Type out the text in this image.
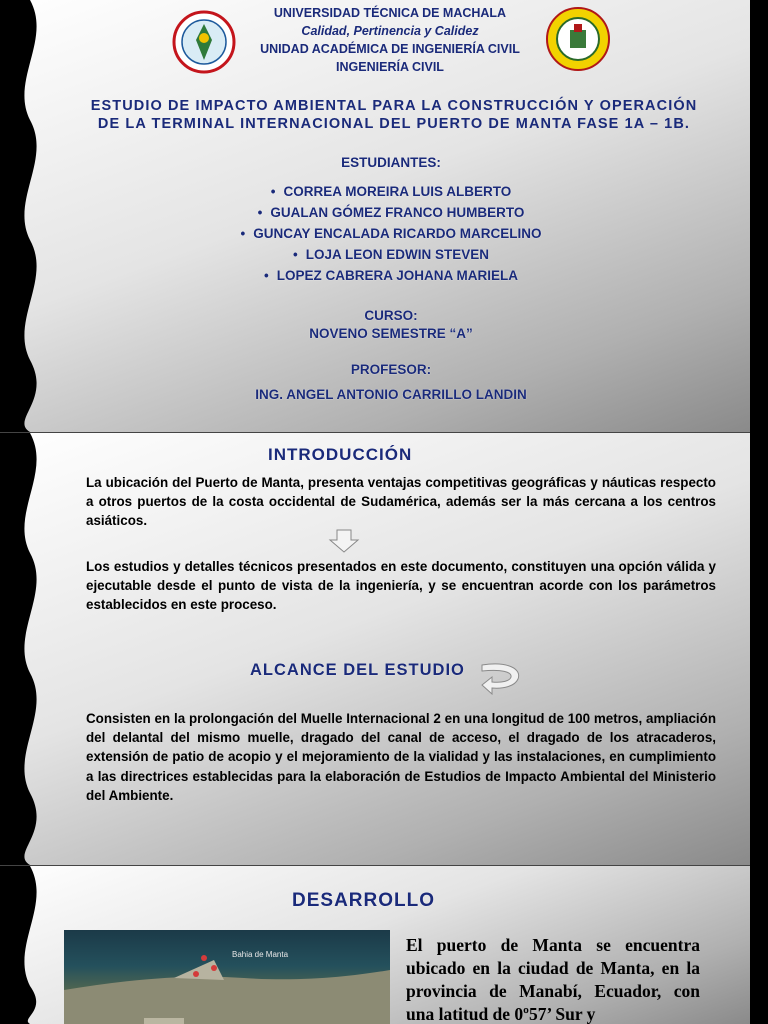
UNIVERSIDAD TÉCNICA DE MACHALA
Calidad, Pertinencia y Calidez
UNIDAD ACADÉMICA DE INGENIERÍA CIVIL
INGENIERÍA CIVIL
ESTUDIO DE IMPACTO AMBIENTAL PARA LA CONSTRUCCIÓN Y OPERACIÓN
DE LA TERMINAL INTERNACIONAL DEL PUERTO DE MANTA FASE 1A – 1B.
ESTUDIANTES:
• CORREA MOREIRA LUIS ALBERTO
• GUALAN GÓMEZ FRANCO HUMBERTO
• GUNCAY ENCALADA RICARDO MARCELINO
• LOJA LEON EDWIN STEVEN
• LOPEZ CABRERA JOHANA MARIELA
CURSO:
NOVENO SEMESTRE “A”
PROFESOR:
ING. ANGEL ANTONIO CARRILLO LANDIN
INTRODUCCIÓN
La ubicación del Puerto de Manta, presenta ventajas competitivas geográficas y náuticas respecto a otros puertos de la costa occidental de Sudamérica, además ser la más cercana a los centros asiáticos.
Los estudios y detalles técnicos presentados en este documento, constituyen una opción válida y ejecutable desde el punto de vista de la ingeniería, y se encuentran acorde con los parámetros establecidos en este proceso.
ALCANCE DEL ESTUDIO
Consisten en la prolongación del Muelle Internacional 2 en una longitud de 100 metros, ampliación del delantal del mismo muelle, dragado del canal de acceso, el dragado de los atracaderos, extensión de patio de acopio y el mejoramiento de la vialidad y las instalaciones, en cumplimiento a las directrices establecidas para la elaboración de Estudios de Impacto Ambiental del Ministerio del Ambiente.
DESARROLLO
Bahia de Manta	El puerto de Manta se encuentra ubicado en la ciudad de Manta, en la provincia de Manabí, Ecuador, con una latitud de 0º57’ Sur y
